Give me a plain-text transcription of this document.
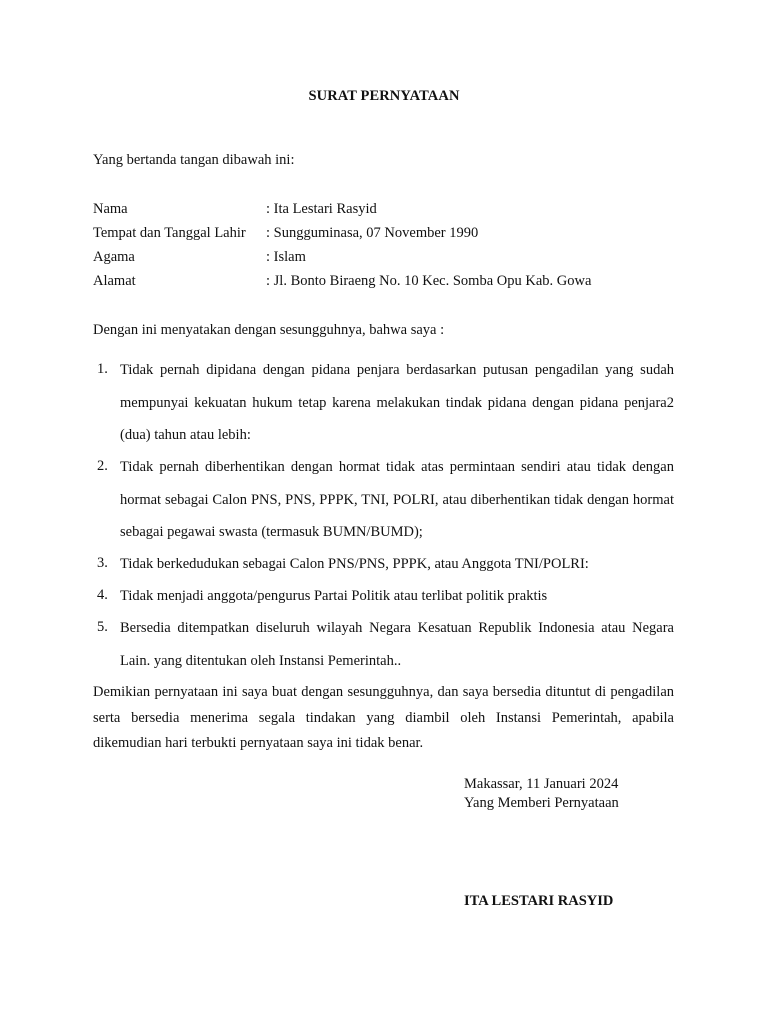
SURAT PERNYATAAN
Yang bertanda tangan dibawah ini:
Nama	: Ita Lestari Rasyid
Tempat dan Tanggal Lahir	: Sungguminasa, 07 November 1990
Agama	: Islam
Alamat	: Jl. Bonto Biraeng No. 10 Kec. Somba Opu Kab. Gowa
Dengan ini menyatakan dengan sesungguhnya, bahwa saya :
1. Tidak pernah dipidana dengan pidana penjara berdasarkan putusan pengadilan yang sudah mempunyai kekuatan hukum tetap karena melakukan tindak pidana dengan pidana penjara2 (dua) tahun atau lebih:
2. Tidak pernah diberhentikan dengan hormat tidak atas permintaan sendiri atau tidak dengan hormat sebagai Calon PNS, PNS, PPPK, TNI, POLRI, atau diberhentikan tidak dengan hormat sebagai pegawai swasta (termasuk BUMN/BUMD);
3. Tidak berkedudukan sebagai Calon PNS/PNS, PPPK, atau Anggota TNI/POLRI:
4. Tidak menjadi anggota/pengurus Partai Politik atau terlibat politik praktis
5. Bersedia ditempatkan diseluruh wilayah Negara Kesatuan Republik Indonesia atau Negara Lain. yang ditentukan oleh Instansi Pemerintah..
Demikian pernyataan ini saya buat dengan sesungguhnya, dan saya bersedia dituntut di pengadilan serta bersedia menerima segala tindakan yang diambil oleh Instansi Pemerintah, apabila dikemudian hari terbukti pernyataan saya ini tidak benar.
Makassar, 11 Januari 2024
Yang Memberi Pernyataan
ITA LESTARI RASYID
